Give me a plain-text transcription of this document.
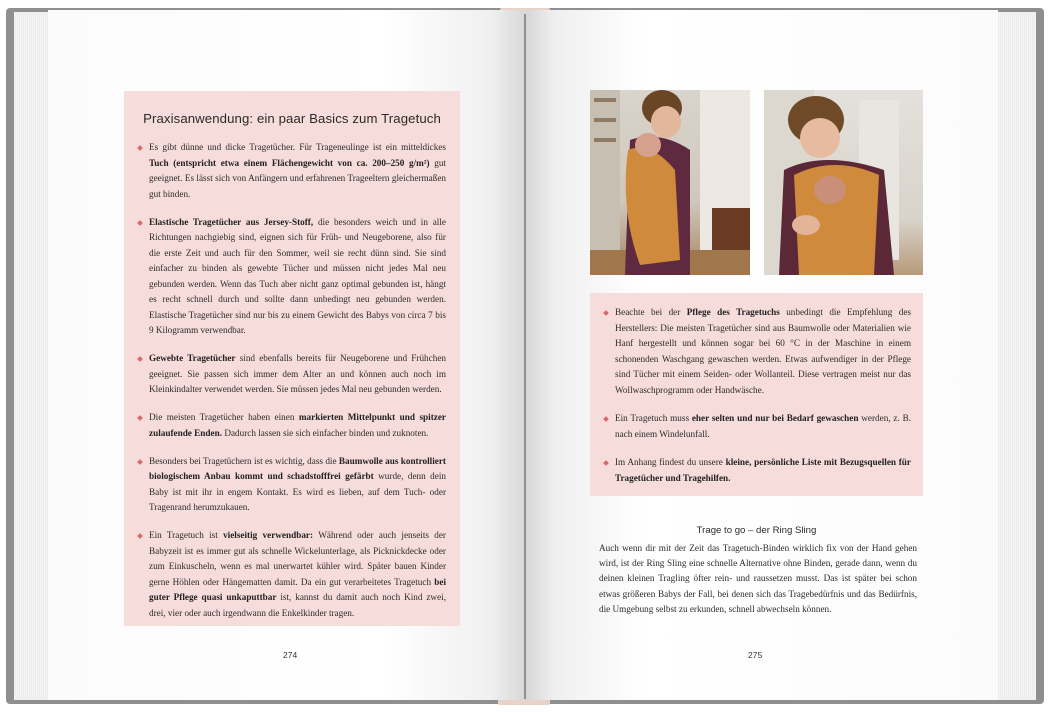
Praxisanwendung: ein paar Basics zum Tragetuch
Es gibt dünne und dicke Tragetücher. Für Trageneulinge ist ein mitteldickes Tuch (entspricht etwa einem Flächengewicht von ca. 200–250 g/m²) gut geeignet. Es lässt sich von Anfängern und erfahrenen Trageeltern gleichermaßen gut binden.
Elastische Tragetücher aus Jersey-Stoff, die besonders weich und in alle Richtungen nachgiebig sind, eignen sich für Früh- und Neugeborene, also für die erste Zeit und auch für den Sommer, weil sie recht dünn sind. Sie sind einfacher zu binden als gewebte Tücher und müssen nicht jedes Mal neu gebunden werden. Wenn das Tuch aber nicht ganz optimal gebunden ist, hängt es recht schnell durch und sollte dann unbedingt neu gebunden werden. Elastische Tragetücher sind nur bis zu einem Gewicht des Babys von circa 7 bis 9 Kilogramm verwendbar.
Gewebte Tragetücher sind ebenfalls bereits für Neugeborene und Frühchen geeignet. Sie passen sich immer dem Alter an und können auch noch im Kleinkindalter verwendet werden. Sie müssen jedes Mal neu gebunden werden.
Die meisten Tragetücher haben einen markierten Mittelpunkt und spitzer zulaufende Enden. Dadurch lassen sie sich einfacher binden und zuknoten.
Besonders bei Tragetüchern ist es wichtig, dass die Baumwolle aus kontrolliert biologischem Anbau kommt und schadstofffrei gefärbt wurde, denn dein Baby ist mit ihr in engem Kontakt. Es wird es lieben, auf dem Tuch- oder Tragenrand herumzukauen.
Ein Tragetuch ist vielseitig verwendbar: Während oder auch jenseits der Babyzeit ist es immer gut als schnelle Wickelunterlage, als Picknickdecke oder zum Einkuscheln, wenn es mal unerwartet kühler wird. Später bauen Kinder gerne Höhlen oder Hängematten damit. Da ein gut verarbeitetes Tragetuch bei guter Pflege quasi unkaputtbar ist, kannst du damit auch noch Kind zwei, drei, vier oder auch irgendwann die Enkelkinder tragen.
274
Beachte bei der Pflege des Tragetuchs unbedingt die Empfehlung des Herstellers: Die meisten Tragetücher sind aus Baumwolle oder Materialien wie Hanf hergestellt und können sogar bei 60 °C in der Maschine in einem schonenden Waschgang gewaschen werden. Etwas aufwendiger in der Pflege sind Tücher mit einem Seiden- oder Wollanteil. Diese vertragen meist nur das Wollwaschprogramm oder Handwäsche.
Ein Tragetuch muss eher selten und nur bei Bedarf gewaschen werden, z. B. nach einem Windelunfall.
Im Anhang findest du unsere kleine, persönliche Liste mit Bezugsquellen für Tragetücher und Tragehilfen.
Trage to go – der Ring Sling
Auch wenn dir mit der Zeit das Tragetuch-Binden wirklich fix von der Hand gehen wird, ist der Ring Sling eine schnelle Alternative ohne Binden, gerade dann, wenn du deinen kleinen Tragling öfter rein- und raussetzen musst. Das ist später bei schon etwas größeren Babys der Fall, bei denen sich das Tragebedürfnis und das Bedürfnis, die Umgebung selbst zu erkunden, schnell abwechseln können.
275
